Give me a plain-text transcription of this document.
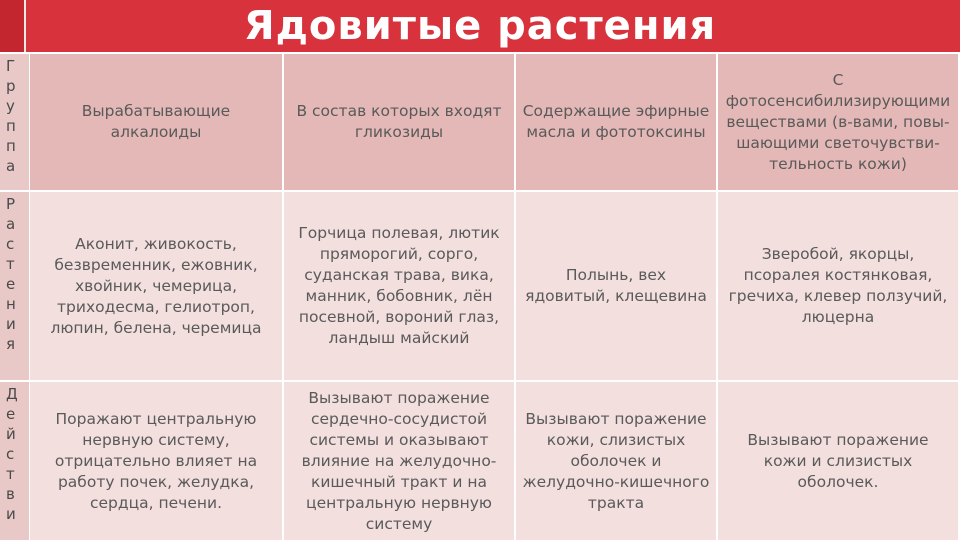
Ядовитые растения
Г
р
у
п
п
а
Вырабатывающие алкалоиды
В состав которых входят гликозиды
Содержащие эфирные масла и фототоксины
С фотосенсибилизирующими веществами (в-вами, повы-шающими светочувстви-тельность кожи)
Р
а
с
т
е
н
и
я
Аконит, живокость, безвременник, ежовник, хвойник, чемерица, триходесма, гелиотроп, люпин, белена, черемица
Горчица полевая, лютик пряморогий, сорго, суданская трава, вика, манник, бобовник, лён посевной, вороний глаз, ландыш майский
Полынь, вех ядовитый, клещевина
Зверобой, якорцы, псоралея костянковая, гречиха, клевер ползучий, люцерна
Д
е
й
с
т
в
и
Поражают центральную нервную систему, отрицательно влияет на работу почек, желудка, сердца, печени.
Вызывают поражение сердечно-сосудистой системы и оказывают влияние на желудочно-кишечный тракт и на центральную нервную систему
Вызывают поражение кожи, слизистых оболочек и желудочно-кишечного тракта
Вызывают поражение кожи и слизистых оболочек.
